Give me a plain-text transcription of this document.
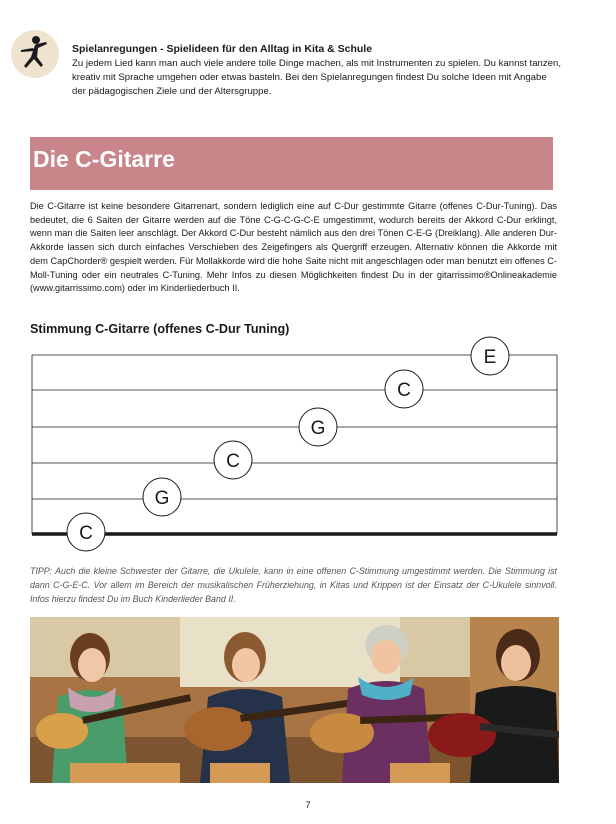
Spielanregungen - Spielideen für den Alltag in Kita & Schule
Zu jedem Lied kann man auch viele andere tolle Dinge machen, als mit Instrumenten zu spielen. Du kannst tanzen, kreativ mit Sprache umgehen oder etwas basteln. Bei den Spielanregungen findest Du solche Ideen mit Angabe der pädagogischen Ziele und der Altersgruppe.
Die C-Gitarre
Die C-Gitarre ist keine besondere Gitarrenart, sondern lediglich eine auf C-Dur gestimmte Gitarre (offenes C-Dur-Tuning). Das bedeutet, die 6 Saiten der Gitarre werden auf die Töne C-G-C-G-C-E umgestimmt, wodurch bereits der Akkord C-Dur erklingt, wenn man die Saiten leer anschlägt. Der Akkord C-Dur besteht nämlich aus den drei Tönen C-E-G (Dreiklang). Alle anderen Dur-Akkorde lassen sich durch einfaches Verschieben des Zeigefingers als Quergriff erzeugen. Alternativ können die Akkorde mit dem CapChorder® gespielt werden. Für Mollakkorde wird die hohe Saite nicht mit angeschlagen oder man benutzt ein offenes C-Moll-Tuning oder ein neutrales C-Tuning. Mehr Infos zu diesen Möglichkeiten findest Du in der gitarrissimo®Onlineakademie (www.gitarrissimo.com) oder im Kinderliederbuch II.
Stimmung C-Gitarre (offenes C-Dur Tuning)
C
G
C
G
C
E
TIPP: Auch die kleine Schwester der Gitarre, die Ukulele, kann in eine offenen C-Stimmung umgestimmt werden. Die Stimmung ist dann C-G-E-C. Vor allem im Bereich der musikalischen Früherziehung, in Kitas und Krippen ist der Einsatz der C-Ukulele sinnvoll. Infos hierzu findest Du im Buch Kinderlieder Band II.
7
